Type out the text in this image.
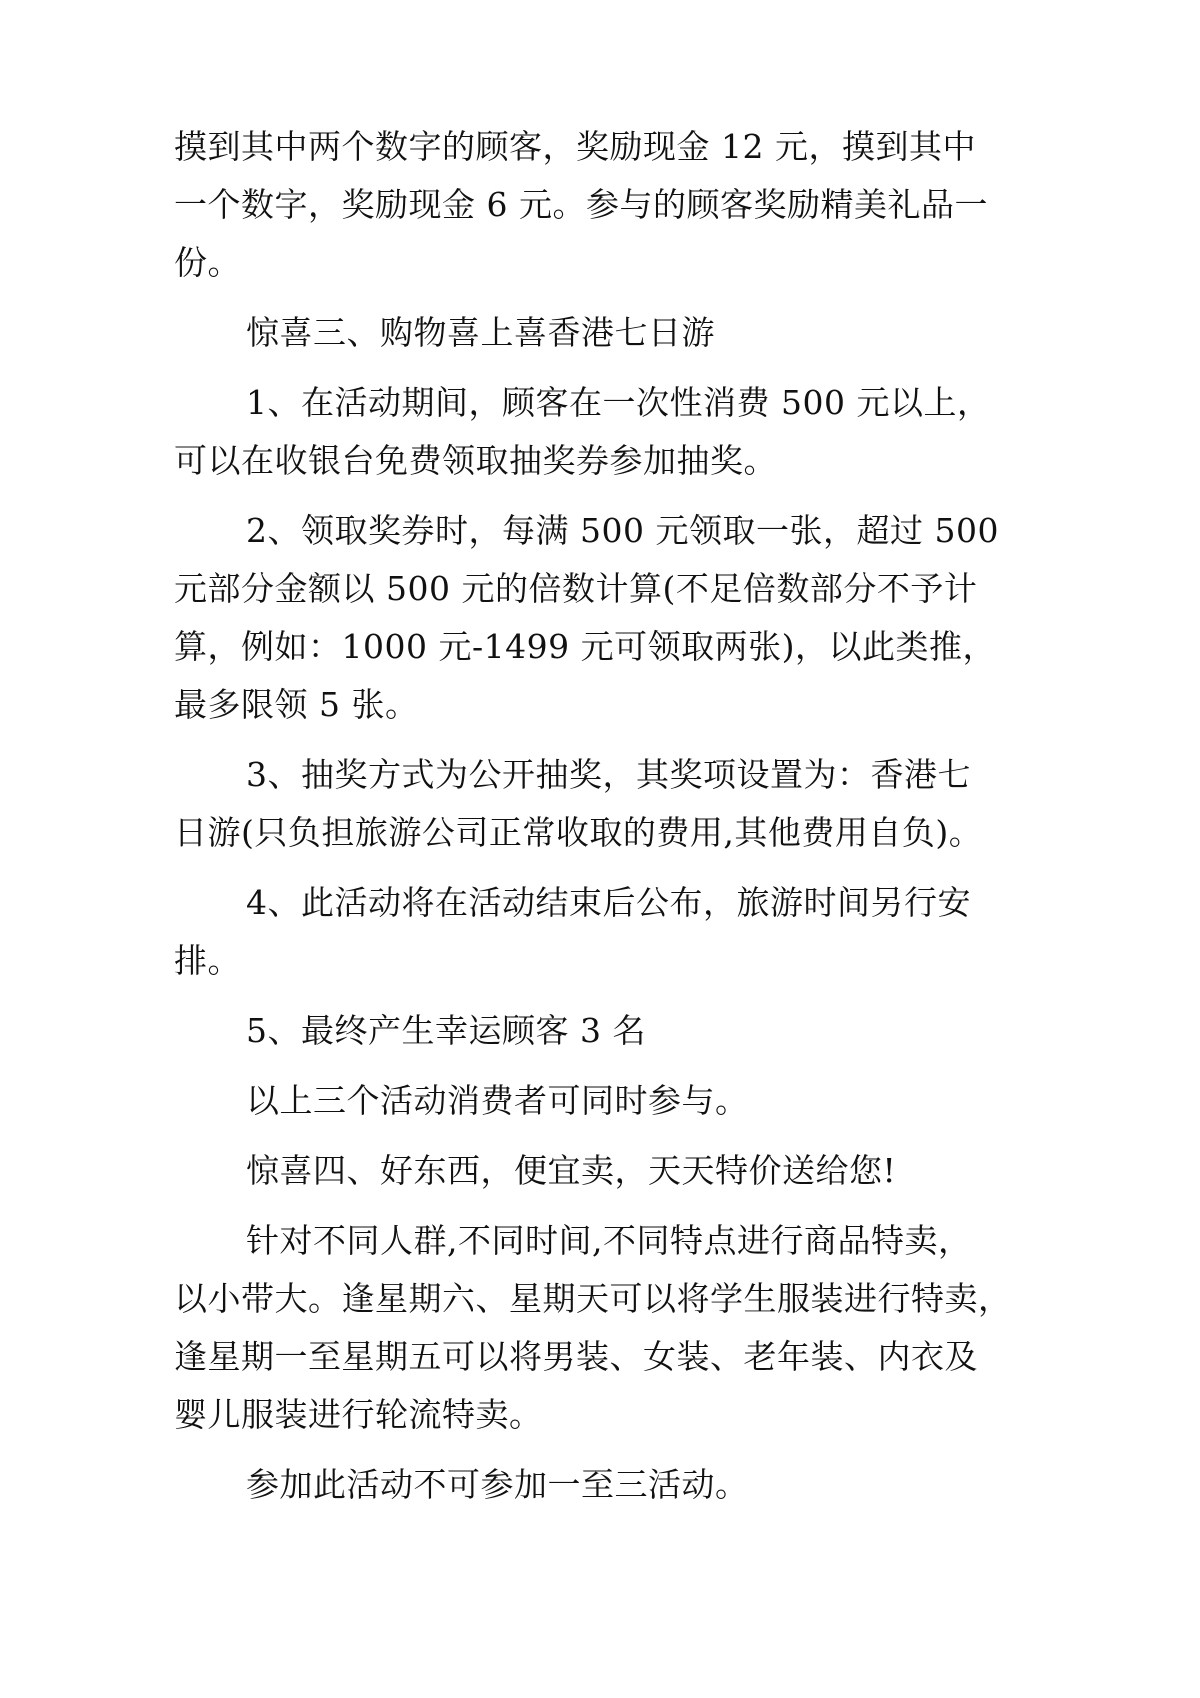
摸到其中两个数字的顾客，奖励现金 12 元，摸到其中
一个数字，奖励现金 6 元。参与的顾客奖励精美礼品一
份。
惊喜三、购物喜上喜香港七日游
1、在活动期间，顾客在一次性消费 500 元以上，
可以在收银台免费领取抽奖券参加抽奖。
2、领取奖券时，每满 500 元领取一张，超过 500
元部分金额以 500 元的倍数计算(不足倍数部分不予计
算，例如：1000 元-1499 元可领取两张)，以此类推，
最多限领 5 张。
3、抽奖方式为公开抽奖，其奖项设置为：香港七
日游(只负担旅游公司正常收取的费用,其他费用自负)。
4、此活动将在活动结束后公布，旅游时间另行安
排。
5、最终产生幸运顾客 3 名
以上三个活动消费者可同时参与。
惊喜四、好东西，便宜卖，天天特价送给您!
针对不同人群,不同时间,不同特点进行商品特卖，
以小带大。逢星期六、星期天可以将学生服装进行特卖，
逢星期一至星期五可以将男装、女装、老年装、内衣及
婴儿服装进行轮流特卖。
参加此活动不可参加一至三活动。
